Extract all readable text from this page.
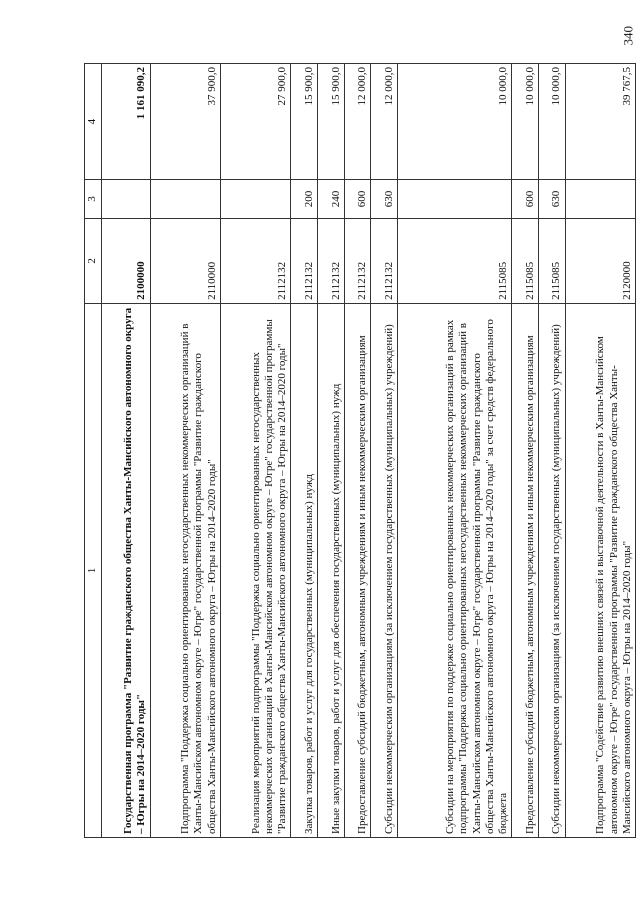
340
1	2	3	4
Государственная программа "Развитие гражданского общества Ханты-Мансийского автономного округа – Югры на 2014–2020 годы"	2100000		1 161 090,2
Подпрограмма "Поддержка социально ориентированных негосударственных некоммерческих организаций в Ханты-Мансийском автономном округе – Югре" государственной программы "Развитие гражданского общества Ханты-Мансийского автономного округа – Югры на 2014–2020 годы"	2110000		37 900,0
Реализация мероприятий подпрограммы "Поддержка социально ориентированных негосударственных некоммерческих организаций в Ханты-Мансийском автономном округе – Югре" государственной программы "Развитие гражданского общества Ханты-Мансийского автономного округа – Югры на 2014–2020 годы"	2112132		27 900,0
Закупка товаров, работ и услуг для государственных (муниципальных) нужд	2112132	200	15 900,0
Иные закупки товаров, работ и услуг для обеспечения государственных (муниципальных) нужд	2112132	240	15 900,0
Предоставление субсидий бюджетным, автономным учреждениям и иным некоммерческим организациям	2112132	600	12 000,0
Субсидии некоммерческим организациям (за исключением государственных (муниципальных) учреждений)	2112132	630	12 000,0
Субсидии на мероприятия по поддержке социально ориентированных некоммерческих организаций в рамках подпрограммы "Поддержка социально ориентированных негосударственных некоммерческих организаций в Ханты-Мансийском автономном округе – Югре" государственной программы "Развитие гражданского общества Ханты-Мансийского автономного округа – Югры на 2014–2020 годы" за счет средств федерального бюджета	2115085		10 000,0
Предоставление субсидий бюджетным, автономным учреждениям и иным некоммерческим организациям	2115085	600	10 000,0
Субсидии некоммерческим организациям (за исключением государственных (муниципальных) учреждений)	2115085	630	10 000,0
Подпрограмма "Содействие развитию внешних связей и выставочной деятельности в Ханты-Мансийском автономном округе – Югре" государственной программы "Развитие гражданского общества Ханты-Мансийского автономного округа – Югры на 2014–2020 годы"	2120000		39 767,5
